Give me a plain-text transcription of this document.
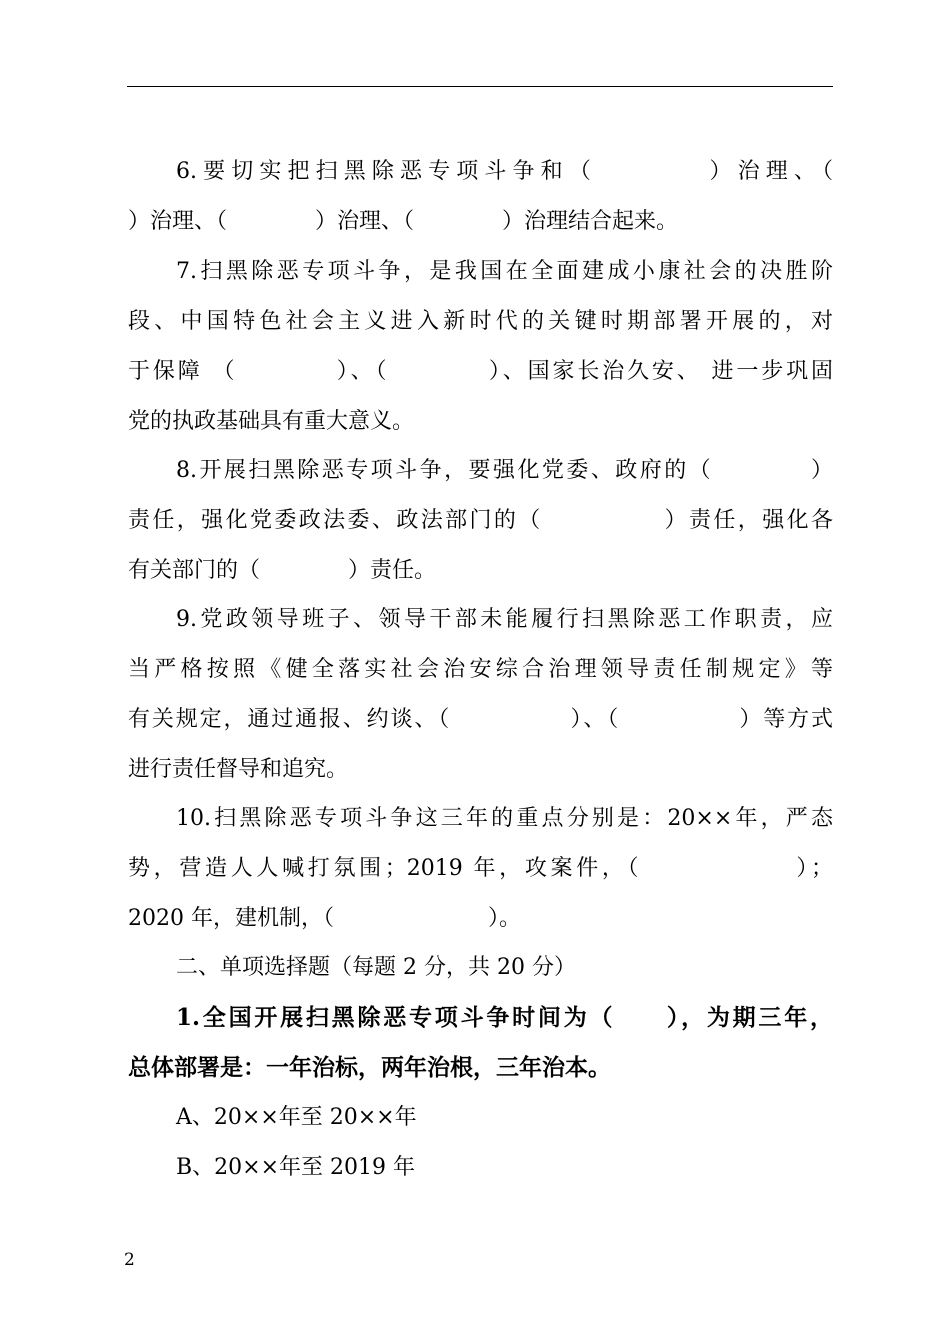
6.要切实把扫黑除恶专项斗争和（　　　　）治理、（
）治理、（　　　　）治理、（　　　　）治理结合起来。
7.扫黑除恶专项斗争，是我国在全面建成小康社会的决胜阶
段、中国特色社会主义进入新时代的关键时期部署开展的，对
于保障 （　　　　）、（　　　　）、国家长治久安、 进一步巩固
党的执政基础具有重大意义。
8.开展扫黑除恶专项斗争，要强化党委、政府的（　　　　）
责任，强化党委政法委、政法部门的（　　　　　）责任，强化各
有关部门的（　　　　）责任。
9.党政领导班子、领导干部未能履行扫黑除恶工作职责，应
当严格按照《健全落实社会治安综合治理领导责任制规定》等
有关规定，通过通报、约谈、（　　　　　）、（　　　　　）等方式
进行责任督导和追究。
10.扫黑除恶专项斗争这三年的重点分别是：20××年，严态
势，营造人人喊打氛围；2019 年，攻案件，（　　　　　　）；
2020 年，建机制，（　　　　　　　）。
二、单项选择题（每题 2 分，共 20 分）
1.全国开展扫黑除恶专项斗争时间为（　　），为期三年，
总体部署是：一年治标，两年治根，三年治本。
A、20××年至 20××年
B、20××年至 2019 年
2
